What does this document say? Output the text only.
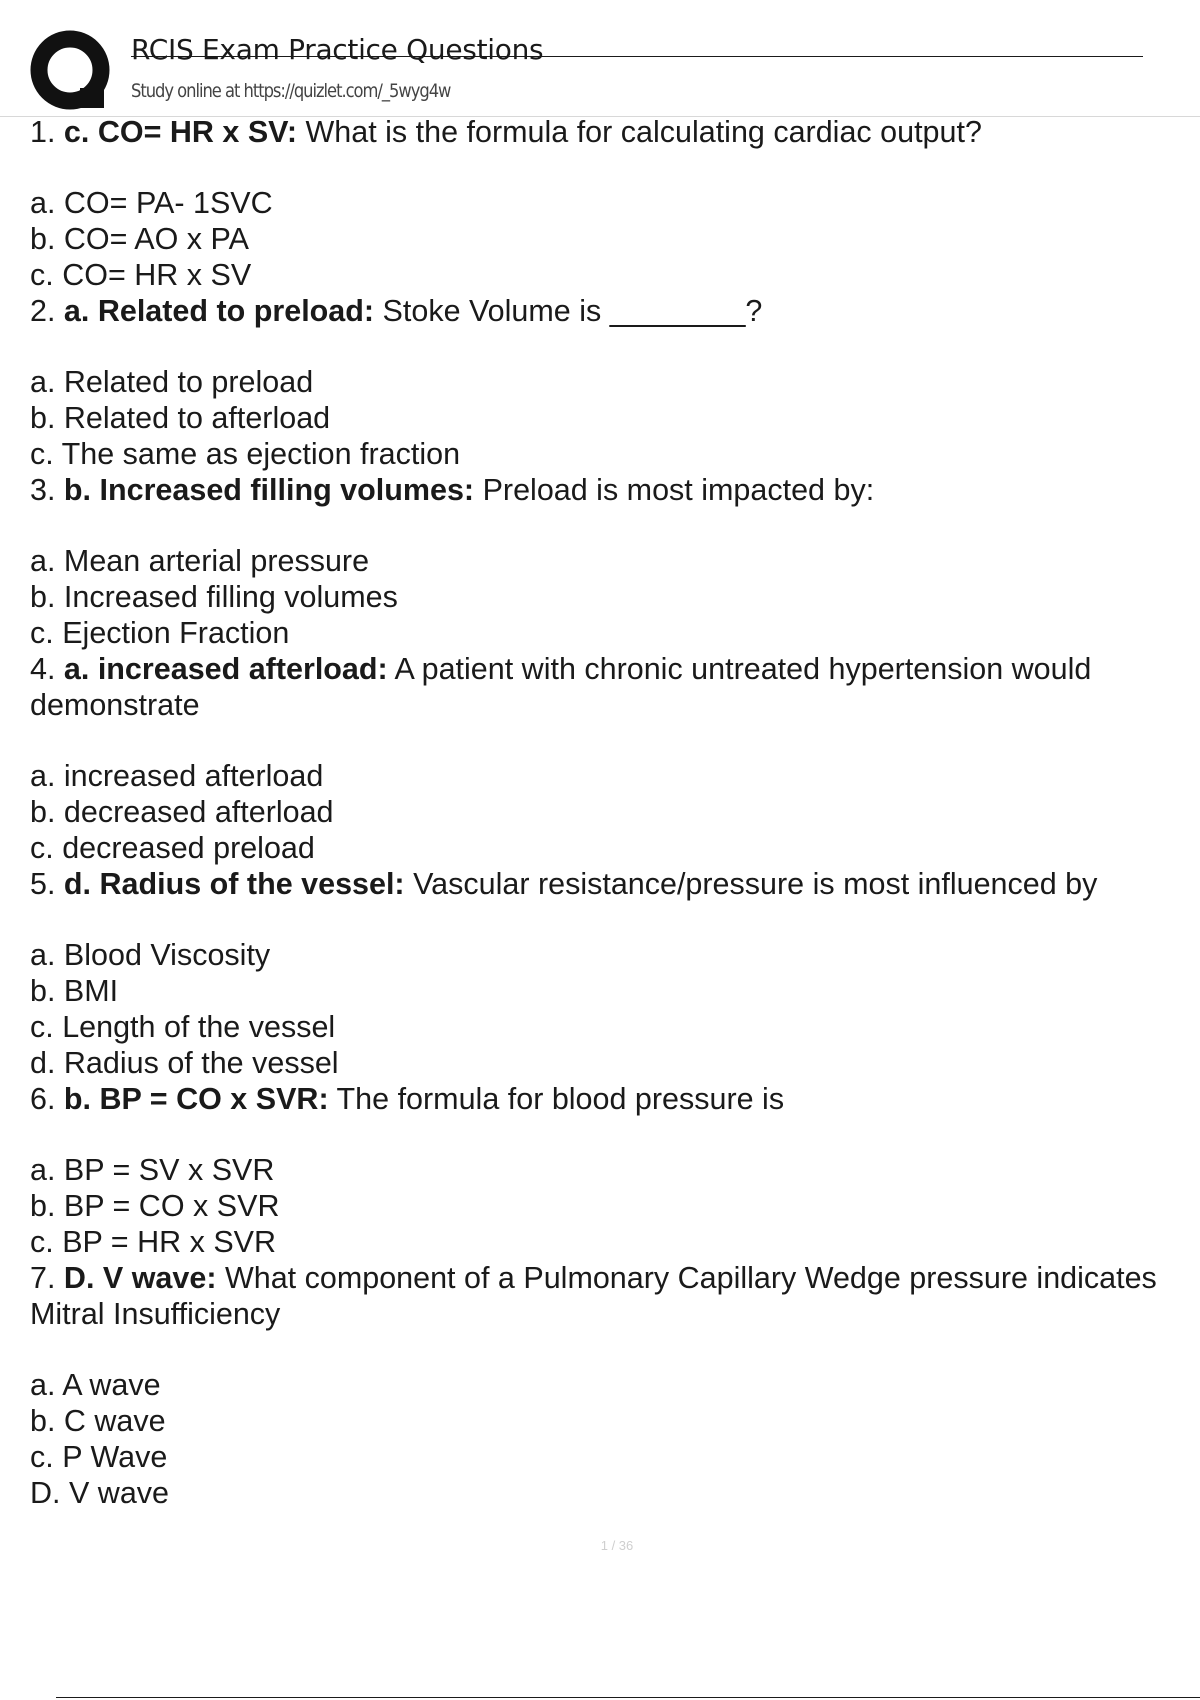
RCIS Exam Practice Questions
Study online at https://quizlet.com/_5wyg4w

1. c. CO= HR x SV: What is the formula for calculating cardiac output?

a. CO= PA- 1SVC

b. CO= AO x PA

c. CO= HR x SV

2. a. Related to preload: Stoke Volume is ________?

a. Related to preload

b. Related to afterload

c. The same as ejection fraction

3. b. Increased filling volumes: Preload is most impacted by:

a. Mean arterial pressure

b. Increased filling volumes

c. Ejection Fraction

4. a. increased afterload: A patient with chronic untreated hypertension would demonstrate

a. increased afterload

b. decreased afterload

c. decreased preload

5. d. Radius of the vessel: Vascular resistance/pressure is most influenced by

a. Blood Viscosity

b. BMI

c. Length of the vessel

d. Radius of the vessel

6. b. BP = CO x SVR: The formula for blood pressure is

a. BP = SV x SVR

b. BP = CO x SVR

c. BP = HR x SVR

7. D. V wave: What component of a Pulmonary Capillary Wedge pressure indicates Mitral Insufficiency

a. A wave

b. C wave

c. P Wave

D. V wave

1 / 36
